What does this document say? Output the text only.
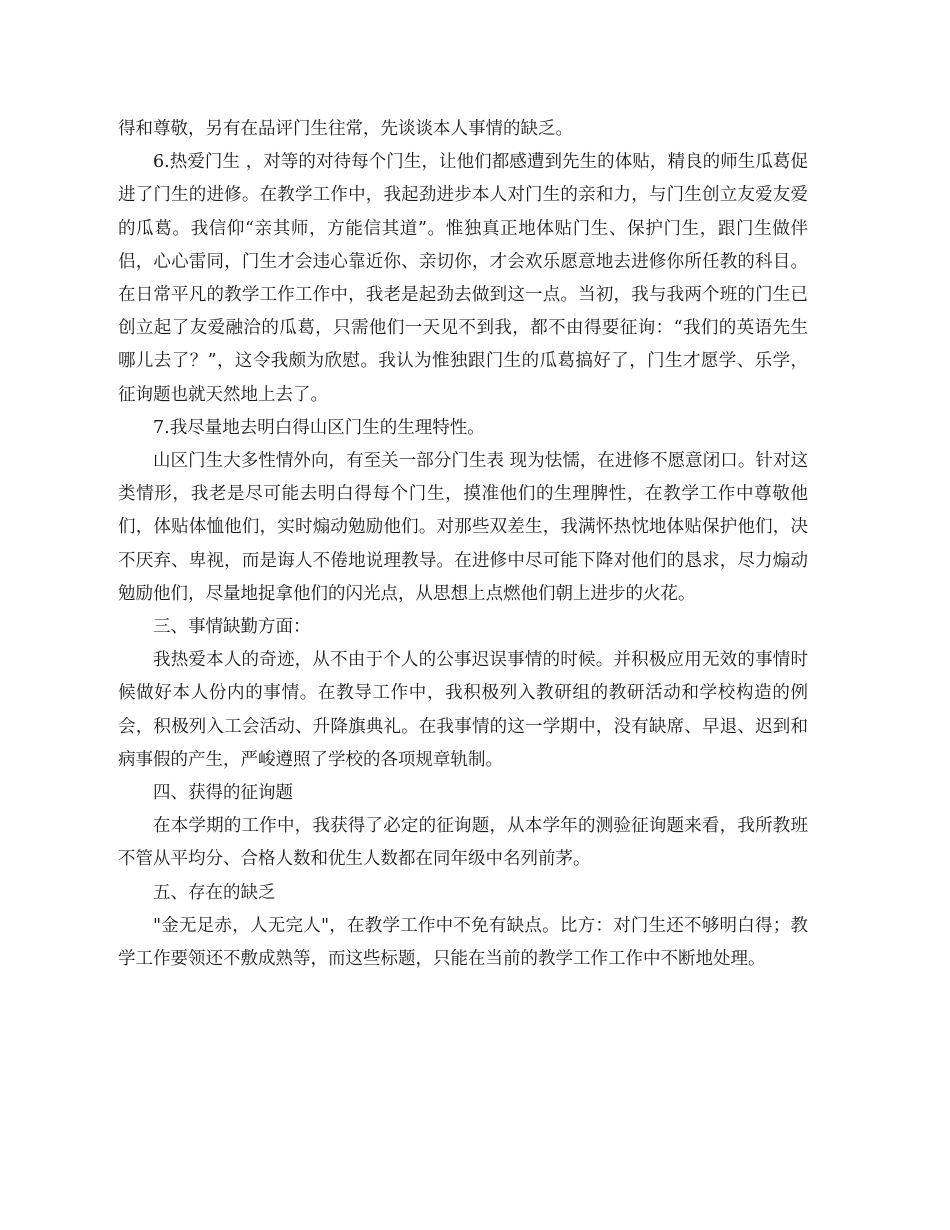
得和尊敬，另有在品评门生往常，先谈谈本人事情的缺乏。

6.热爱门生 ，对等的对待每个门生，让他们都感遭到先生的体贴，精良的师生瓜葛促进了门生的进修。在教学工作中，我起劲进步本人对门生的亲和力，与门生创立友爱友爱的瓜葛。我信仰“亲其师，方能信其道”。惟独真正地体贴门生、保护门生，跟门生做伴侣，心心雷同，门生才会违心靠近你、亲切你，才会欢乐愿意地去进修你所任教的科目。在日常平凡的教学工作工作中，我老是起劲去做到这一点。当初，我与我两个班的门生已创立起了友爱融洽的瓜葛，只需他们一天见不到我，都不由得要征询：“我们的英语先生哪儿去了？”，这令我颇为欣慰。我认为惟独跟门生的瓜葛搞好了，门生才愿学、乐学，征询题也就天然地上去了。

7.我尽量地去明白得山区门生的生理特性。

山区门生大多性情外向，有至关一部分门生表 现为怯懦，在进修不愿意闭口。针对这类情形，我老是尽可能去明白得每个门生，摸准他们的生理脾性，在教学工作中尊敬他们，体贴体恤他们，实时煽动勉励他们。对那些双差生，我满怀热忱地体贴保护他们，决不厌弃、卑视，而是诲人不倦地说理教导。在进修中尽可能下降对他们的恳求，尽力煽动勉励他们，尽量地捉拿他们的闪光点，从思想上点燃他们朝上进步的火花。

三、事情缺勤方面：

我热爱本人的奇迹，从不由于个人的公事迟误事情的时候。并积极应用无效的事情时候做好本人份内的事情。在教导工作中，我积极列入教研组的教研活动和学校构造的例会，积极列入工会活动、升降旗典礼。在我事情的这一学期中，没有缺席、早退、迟到和病事假的产生，严峻遵照了学校的各项规章轨制。

四、获得的征询题

在本学期的工作中，我获得了必定的征询题，从本学年的测验征询题来看，我所教班不管从平均分、合格人数和优生人数都在同年级中名列前茅。

五、存在的缺乏

"金无足赤，人无完人"，在教学工作中不免有缺点。比方：对门生还不够明白得；教学工作要领还不敷成熟等，而这些标题，只能在当前的教学工作工作中不断地处理。
